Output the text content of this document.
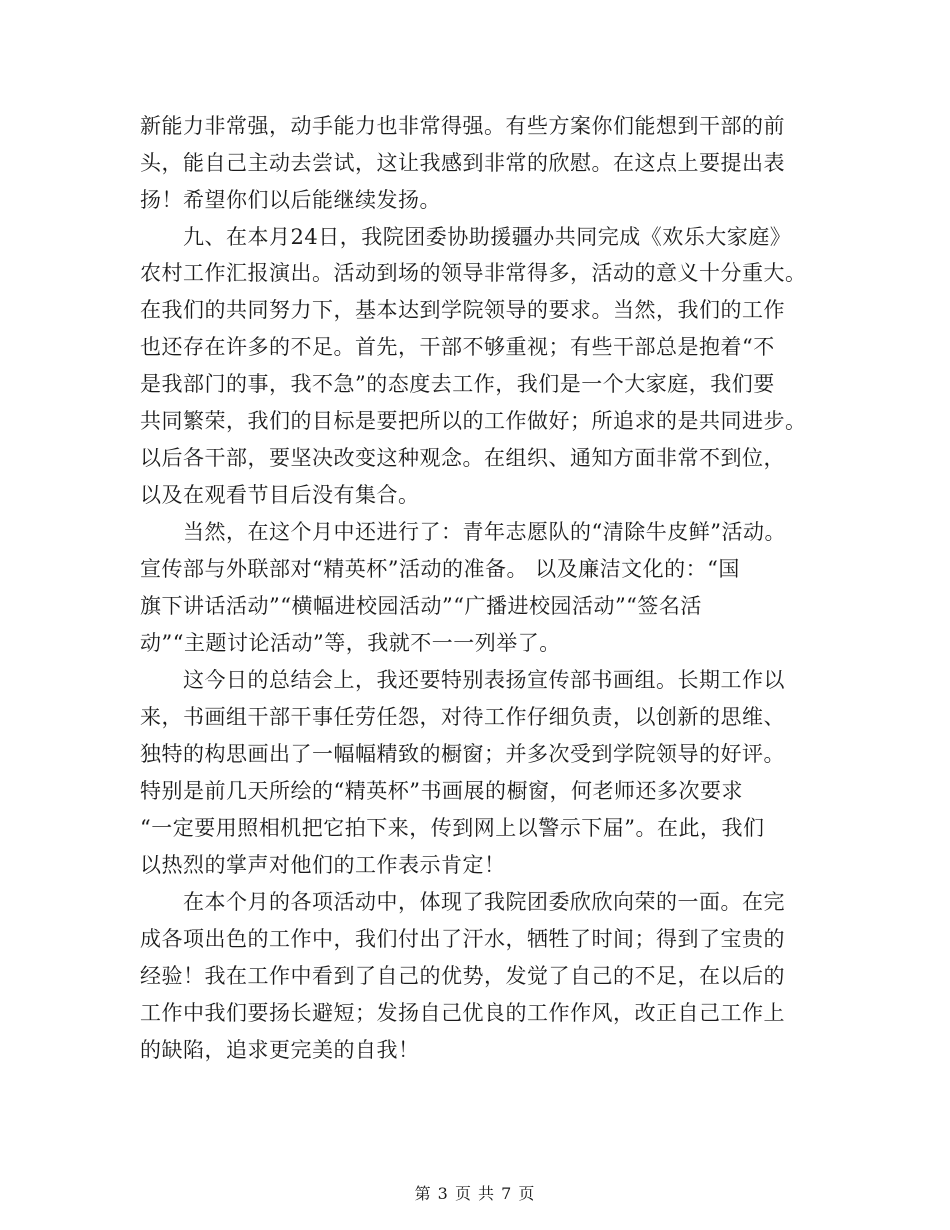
新能力非常强，动手能力也非常得强。有些方案你们能想到干部的前
头，能自己主动去尝试，这让我感到非常的欣慰。在这点上要提出表
扬！希望你们以后能继续发扬。
　　九、在本月24日，我院团委协助援疆办共同完成《欢乐大家庭》
农村工作汇报演出。活动到场的领导非常得多，活动的意义十分重大。
在我们的共同努力下，基本达到学院领导的要求。当然，我们的工作
也还存在许多的不足。首先，干部不够重视；有些干部总是抱着“不
是我部门的事，我不急”的态度去工作，我们是一个大家庭，我们要
共同繁荣，我们的目标是要把所以的工作做好；所追求的是共同进步。
以后各干部，要坚决改变这种观念。在组织、通知方面非常不到位，
以及在观看节目后没有集合。
　　当然，在这个月中还进行了：青年志愿队的“清除牛皮鲜”活动。
宣传部与外联部对“精英杯”活动的准备。 以及廉洁文化的：“国
旗下讲话活动”“横幅进校园活动”“广播进校园活动”“签名活
动”“主题讨论活动”等，我就不一一列举了。
　　这今日的总结会上，我还要特别表扬宣传部书画组。长期工作以
来，书画组干部干事任劳任怨，对待工作仔细负责，以创新的思维、
独特的构思画出了一幅幅精致的橱窗；并多次受到学院领导的好评。
特别是前几天所绘的“精英杯”书画展的橱窗，何老师还多次要求
“一定要用照相机把它拍下来，传到网上以警示下届”。在此，我们
以热烈的掌声对他们的工作表示肯定！
　　在本个月的各项活动中，体现了我院团委欣欣向荣的一面。在完
成各项出色的工作中，我们付出了汗水，牺牲了时间；得到了宝贵的
经验！我在工作中看到了自己的优势，发觉了自己的不足，在以后的
工作中我们要扬长避短；发扬自己优良的工作作风，改正自己工作上
的缺陷，追求更完美的自我！
第 3 页 共 7 页
